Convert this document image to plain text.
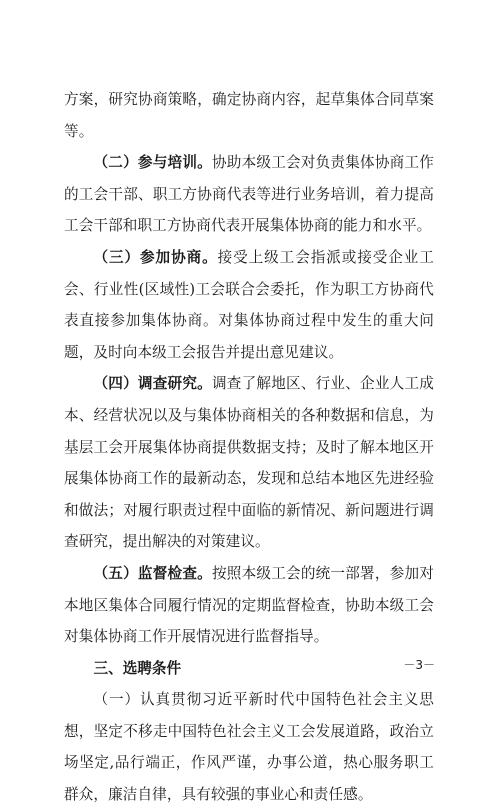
方案，研究协商策略，确定协商内容，起草集体合同草案等。

（二）参与培训。协助本级工会对负责集体协商工作的工会干部、职工方协商代表等进行业务培训，着力提高工会干部和职工方协商代表开展集体协商的能力和水平。

（三）参加协商。接受上级工会指派或接受企业工会、行业性(区域性)工会联合会委托，作为职工方协商代表直接参加集体协商。对集体协商过程中发生的重大问题，及时向本级工会报告并提出意见建议。

（四）调查研究。调查了解地区、行业、企业人工成本、经营状况以及与集体协商相关的各种数据和信息，为基层工会开展集体协商提供数据支持；及时了解本地区开展集体协商工作的最新动态，发现和总结本地区先进经验和做法；对履行职责过程中面临的新情况、新问题进行调查研究，提出解决的对策建议。

（五）监督检查。按照本级工会的统一部署，参加对本地区集体合同履行情况的定期监督检查，协助本级工会对集体协商工作开展情况进行监督指导。

三、选聘条件

（一）认真贯彻习近平新时代中国特色社会主义思想，坚定不移走中国特色社会主义工会发展道路，政治立场坚定,品行端正，作风严谨，办事公道，热心服务职工群众，廉洁自律，具有较强的事业心和责任感。

－3－
